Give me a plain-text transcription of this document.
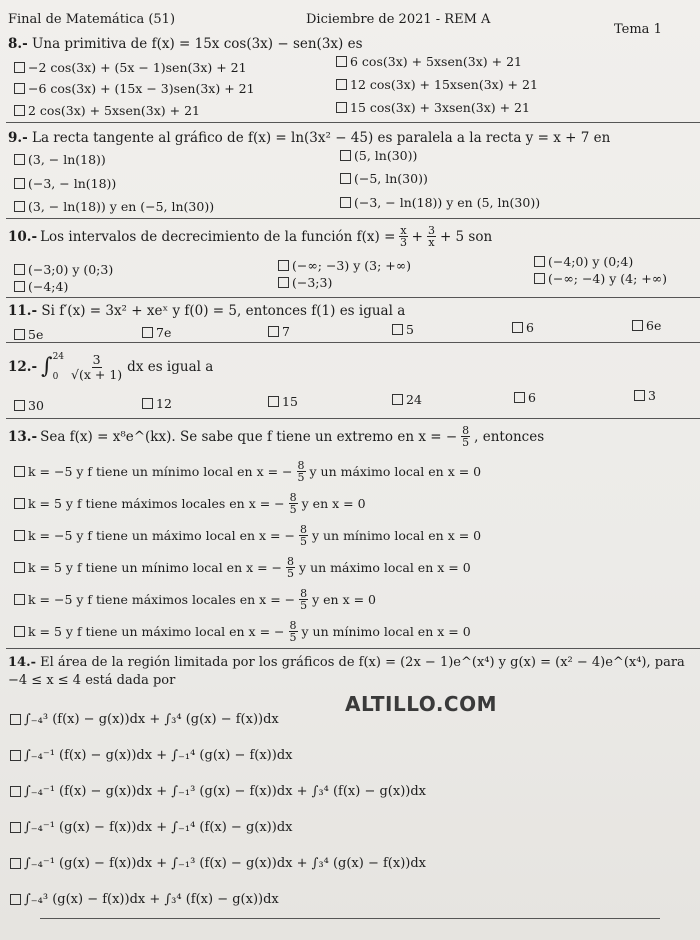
Final de Matemática (51)	Diciembre de 2021 - REM A
Tema 1
8.- Una primitiva de f(x) = 15x cos(3x) − sen(3x) es
−2 cos(3x) + (5x − 1)sen(3x) + 21	6 cos(3x) + 5xsen(3x) + 21
−6 cos(3x) + (15x − 3)sen(3x) + 21	12 cos(3x) + 15xsen(3x) + 21
2 cos(3x) + 5xsen(3x) + 21	15 cos(3x) + 3xsen(3x) + 21
9.- La recta tangente al gráfico de f(x) = ln(3x² − 45) es paralela a la recta y = x + 7 en
(3, − ln(18))	(5, ln(30))
(−3, − ln(18))	(−5, ln(30))
(3, − ln(18)) y en (−5, ln(30))	(−3, − ln(18)) y en (5, ln(30))
10.- Los intervalos de decrecimiento de la función $f(x) = \frac{x}{3} + \frac{3}{x} + 5$ son
(−3;0) y (0;3)	(−∞; −3) y (3; +∞)	(−4;0) y (0;4)
(−4;4)	(−3;3)	(−∞; −4) y (4; +∞)
11.- Si f′(x) = 3x² + xeˣ y f(0) = 5, entonces f(1) es igual a
5e	7e	7	5	6	6e
12.- ∫ 24
0	$\frac{3}{√(x + 1)}$ dx es igual a
30	12	15	24	6	3
13.- Sea f(x) = x⁸e^(kx). Se sabe que f tiene un extremo en x = − $\frac{8}{5}$ , entonces
k = −5 y f tiene un mínimo local en x = − $\frac{8}{5}$ y un máximo local en x = 0
k = 5 y f tiene máximos locales en x = − $\frac{8}{5}$ y en x = 0
k = −5 y f tiene un máximo local en x = − $\frac{8}{5}$ y un mínimo local en x = 0
k = 5 y f tiene un mínimo local en x = − $\frac{8}{5}$ y un máximo local en x = 0
k = −5 y f tiene máximos locales en x = − $\frac{8}{5}$ y en x = 0
k = 5 y f tiene un máximo local en x = − $\frac{8}{5}$ y un mínimo local en x = 0
14.- El área de la región limitada por los gráficos de f(x) = (2x − 1)e^(x⁴) y g(x) = (x² − 4)e^(x⁴), para
−4 ≤ x ≤ 4 está dada por
∫₋₄³ (f(x) − g(x))dx + ∫₃⁴ (g(x) − f(x))dx
∫₋₄⁻¹ (f(x) − g(x))dx + ∫₋₁⁴ (g(x) − f(x))dx
∫₋₄⁻¹ (f(x) − g(x))dx + ∫₋₁³ (g(x) − f(x))dx + ∫₃⁴ (f(x) − g(x))dx
∫₋₄⁻¹ (g(x) − f(x))dx + ∫₋₁⁴ (f(x) − g(x))dx
∫₋₄⁻¹ (g(x) − f(x))dx + ∫₋₁³ (f(x) − g(x))dx + ∫₃⁴ (g(x) − f(x))dx
∫₋₄³ (g(x) − f(x))dx + ∫₃⁴ (f(x) − g(x))dx
ALTILLO.COM
